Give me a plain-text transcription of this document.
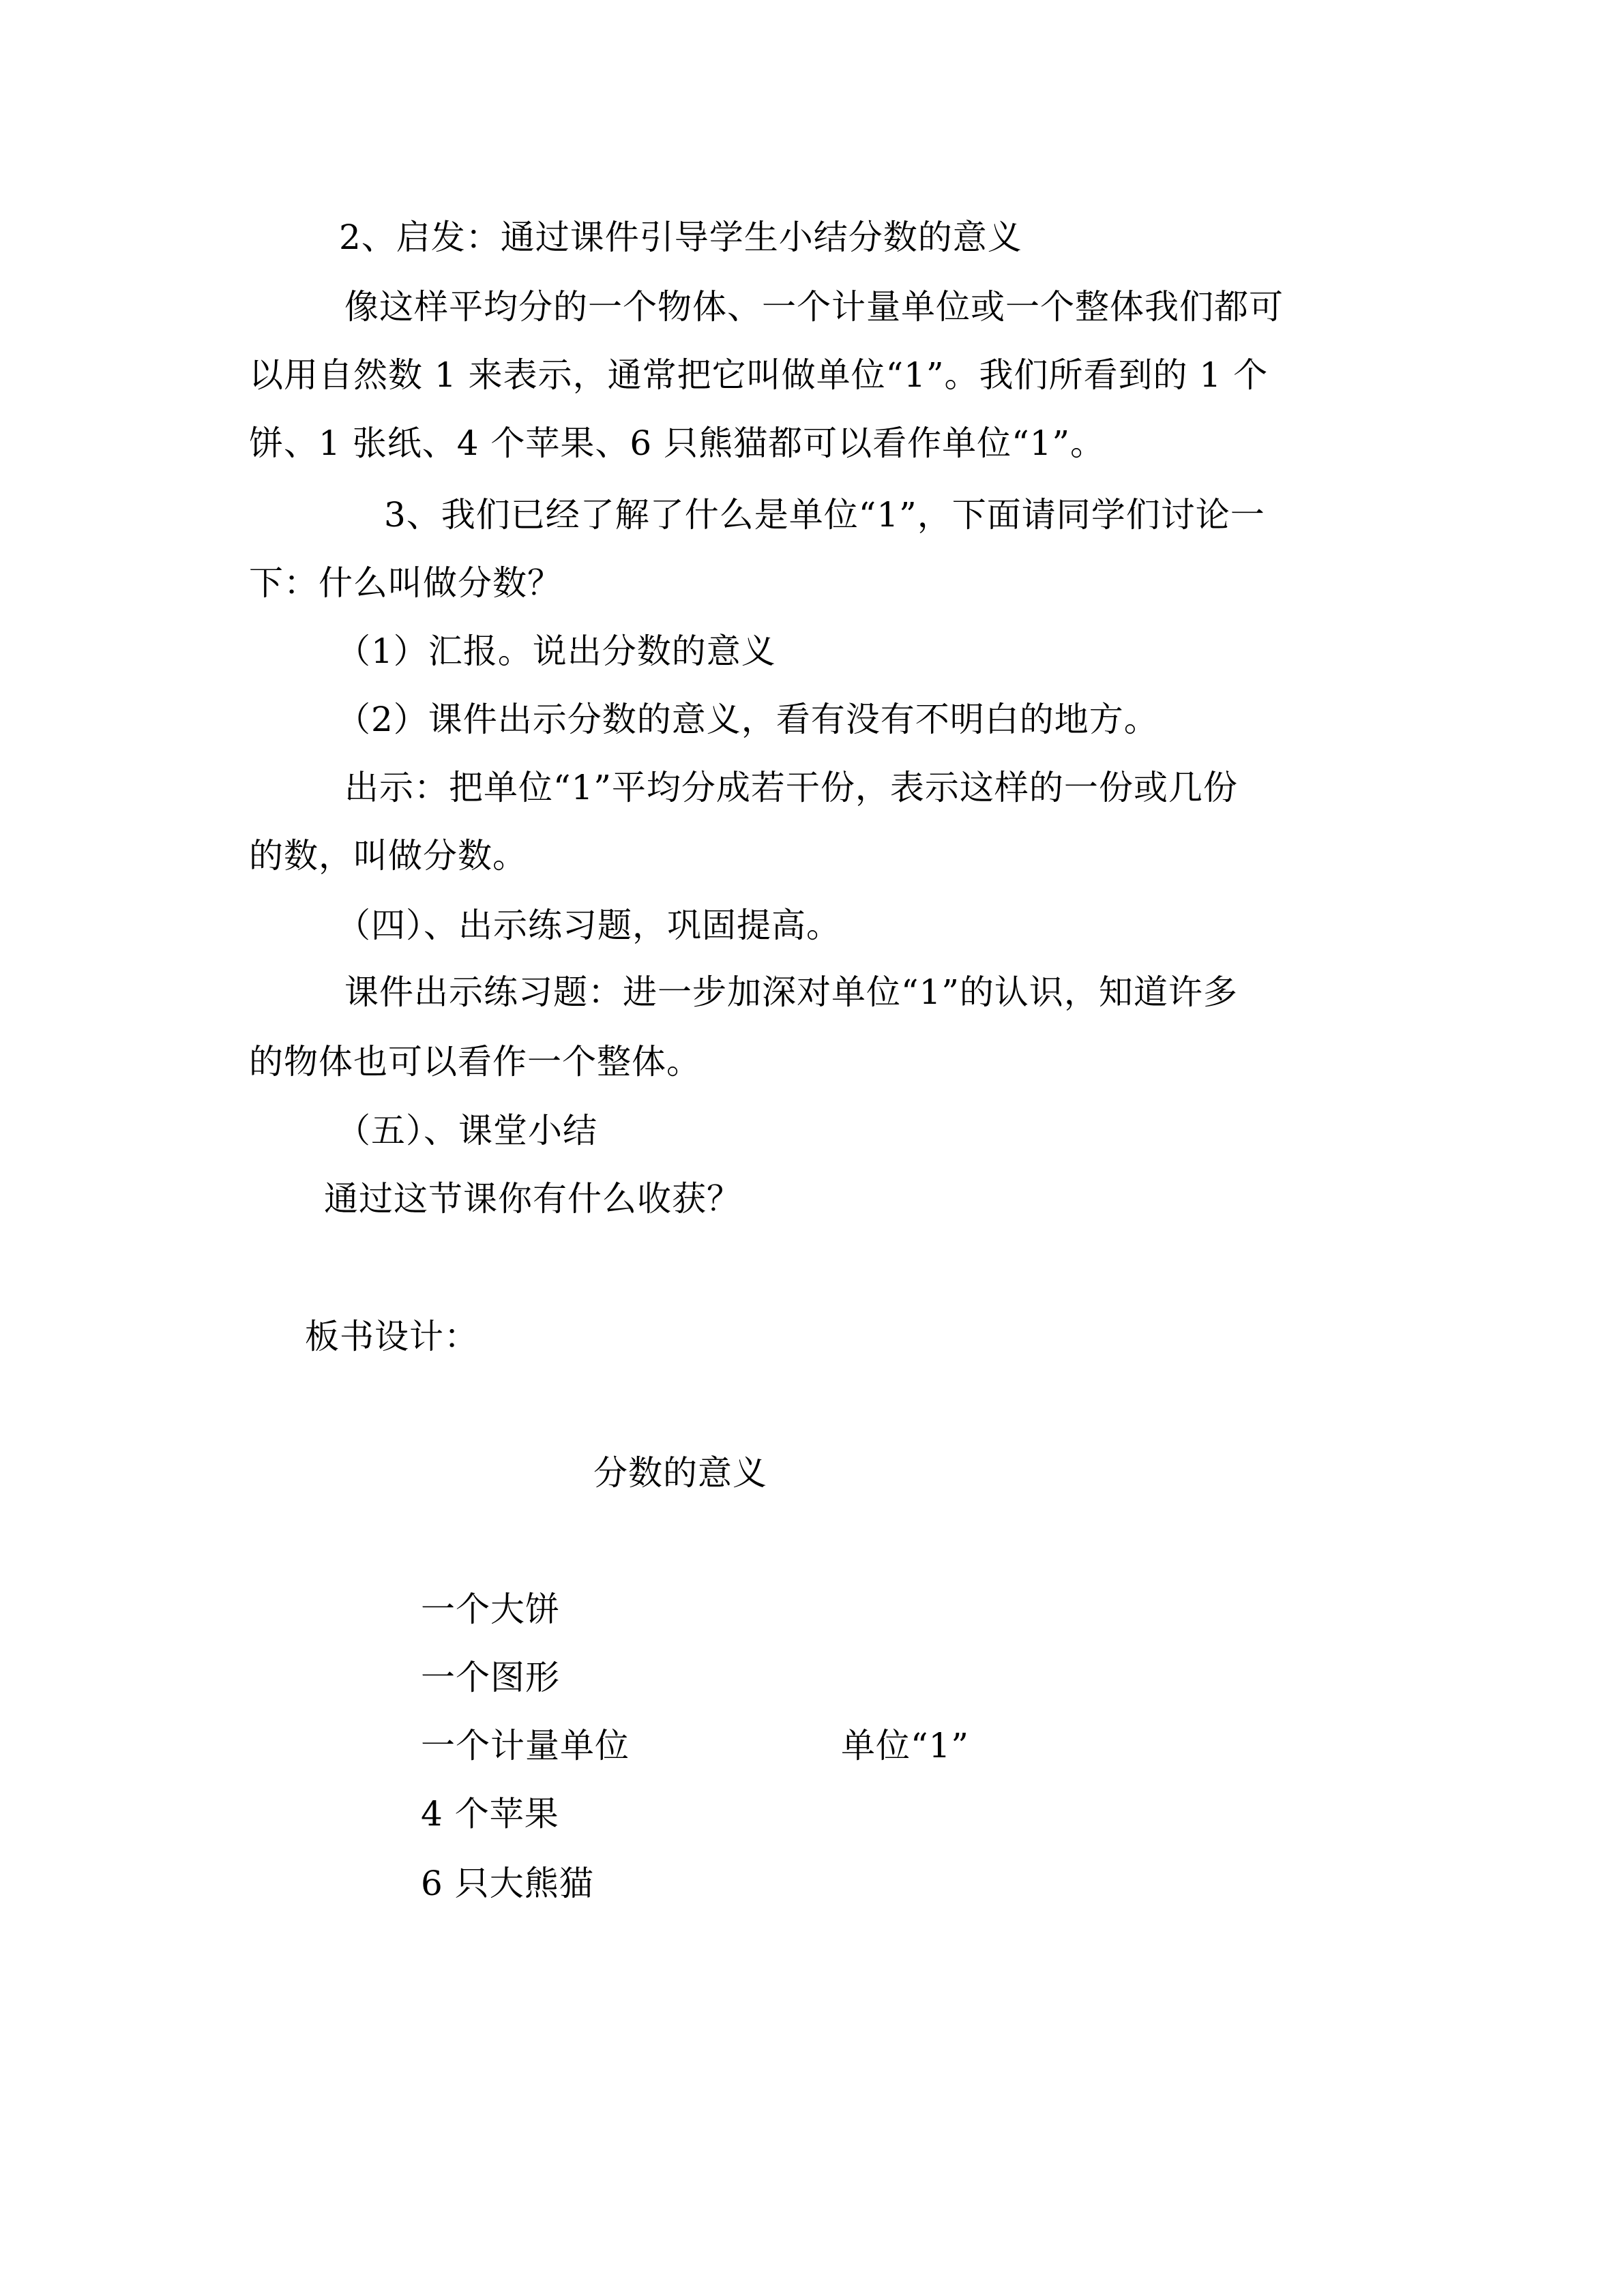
2、启发：通过课件引导学生小结分数的意义
像这样平均分的一个物体、一个计量单位或一个整体我们都可
以用自然数 1 来表示，通常把它叫做单位“1”。我们所看到的 1 个
饼、1 张纸、4 个苹果、6 只熊猫都可以看作单位“1”。
3、我们已经了解了什么是单位“1”，下面请同学们讨论一
下：什么叫做分数？
（1）汇报。说出分数的意义
（2）课件出示分数的意义，看有没有不明白的地方。
出示：把单位“1”平均分成若干份，表示这样的一份或几份
的数，叫做分数。
（四）、出示练习题，巩固提高。
课件出示练习题：进一步加深对单位“1”的认识，知道许多
的物体也可以看作一个整体。
（五）、课堂小结
通过这节课你有什么收获？
板书设计：
分数的意义
一个大饼
一个图形
一个计量单位
4 个苹果
6 只大熊猫
单位“1”
